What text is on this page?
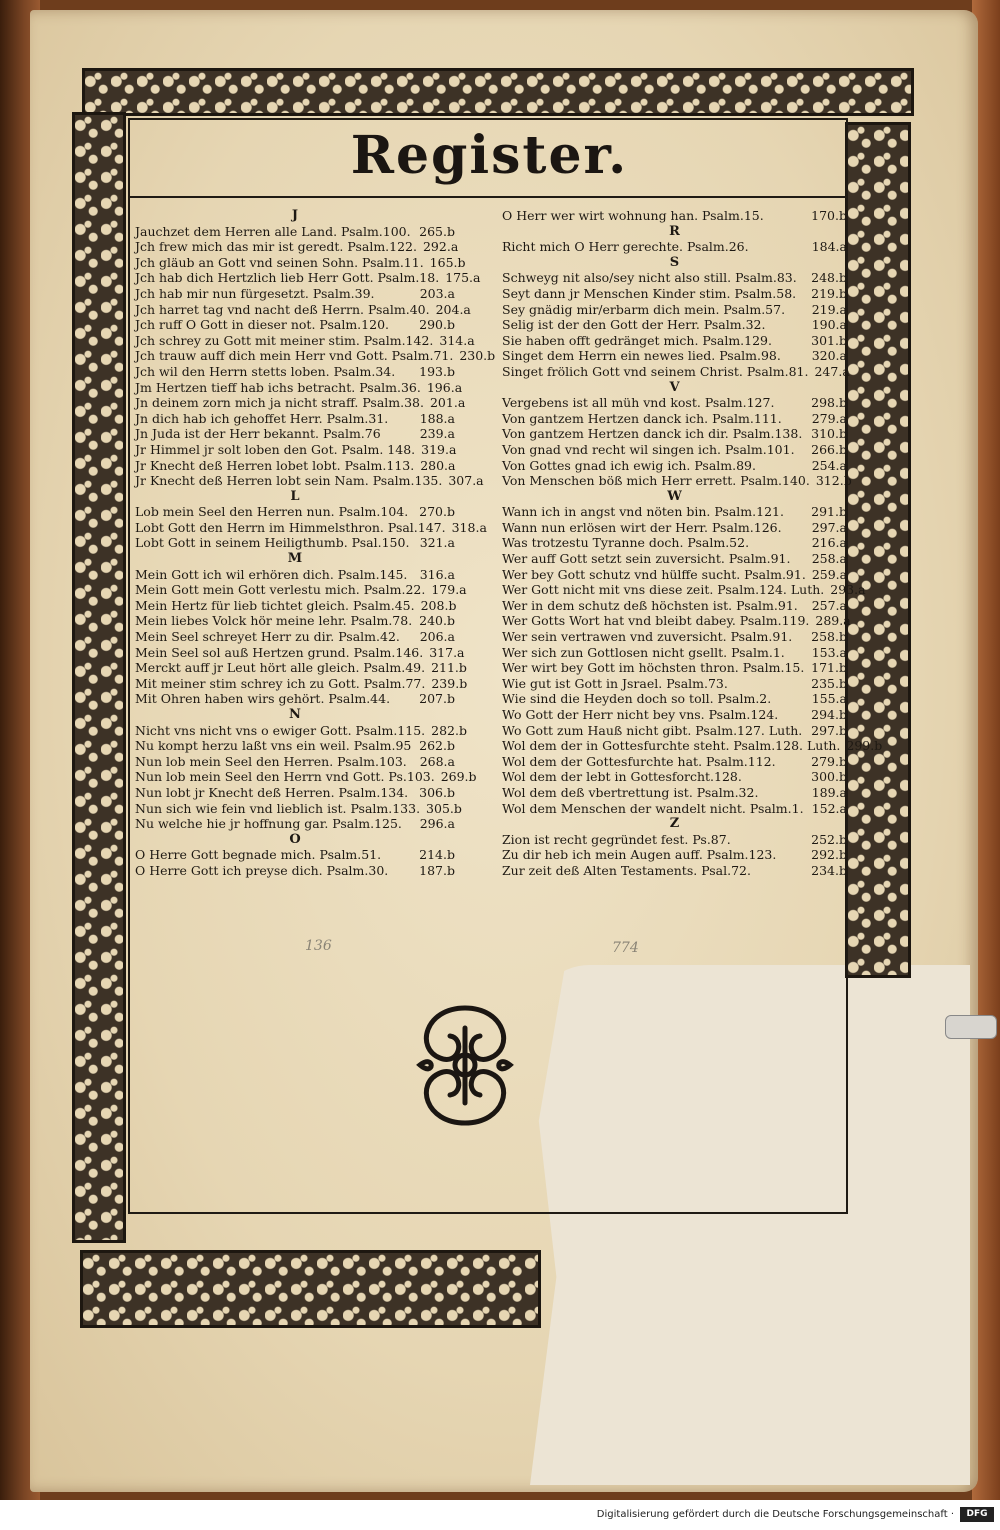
Register.
J
Jauchzet dem Herren alle Land. Psalm.100. 265.b
Jch frew mich das mir ist geredt. Psalm.122. 292.a
Jch gläub an Gott vnd seinen Sohn. Psalm.11. 165.b
Jch hab dich Hertzlich lieb Herr Gott. Psalm.18. 175.a
Jch hab mir nun fürgesetzt. Psalm.39.	203.a
Jch harret tag vnd nacht deß Herrn. Psalm.40. 204.a
Jch ruff O Gott in dieser not. Psalm.120.	290.b
Jch schrey zu Gott mit meiner stim. Psalm.142. 314.a
Jch trauw auff dich mein Herr vnd Gott. Psalm.71. 230.b
Jch wil den Herrn stetts loben. Psalm.34.	193.b
Jm Hertzen tieff hab ichs betracht. Psalm.36. 196.a
Jn deinem zorn mich ja nicht straff. Psalm.38. 201.a
Jn dich hab ich gehoffet Herr. Psalm.31.	188.a
Jn Juda ist der Herr bekannt. Psalm.76	239.a
Jr Himmel jr solt loben den Got. Psalm. 148. 319.a
Jr Knecht deß Herren lobet lobt. Psalm.113. 280.a
Jr Knecht deß Herren lobt sein Nam. Psalm.135. 307.a
L
Lob mein Seel den Herren nun. Psalm.104. 270.b
Lobt Gott den Herrn im Himmelsthron. Psal.147. 318.a
Lobt Gott in seinem Heiligthumb. Psal.150. 321.a
M
Mein Gott ich wil erhören dich. Psalm.145. 316.a
Mein Gott mein Gott verlestu mich. Psalm.22. 179.a
Mein Hertz für lieb tichtet gleich. Psalm.45. 208.b
Mein liebes Volck hör meine lehr. Psalm.78. 240.b
Mein Seel schreyet Herr zu dir. Psalm.42.	206.a
Mein Seel sol auß Hertzen grund. Psalm.146. 317.a
Merckt auff jr Leut hört alle gleich. Psalm.49. 211.b
Mit meiner stim schrey ich zu Gott. Psalm.77. 239.b
Mit Ohren haben wirs gehört. Psalm.44.	207.b
N
Nicht vns nicht vns o ewiger Gott. Psalm.115. 282.b
Nu kompt herzu laßt vns ein weil. Psalm.95 262.b
Nun lob mein Seel den Herren. Psalm.103.	268.a
Nun lob mein Seel den Herrn vnd Gott. Ps.103. 269.b
Nun lobt jr Knecht deß Herren. Psalm.134. 306.b
Nun sich wie fein vnd lieblich ist. Psalm.133. 305.b
Nu welche hie jr hoffnung gar. Psalm.125.	296.a
O
O Herre Gott begnade mich. Psalm.51.	214.b
O Herre Gott ich preyse dich. Psalm.30.	187.b
O Herr wer wirt wohnung han. Psalm.15.	170.b
R
Richt mich O Herr gerechte. Psalm.26.	184.a
S
Schweyg nit also/sey nicht also still. Psalm.83.	248.b
Seyt dann jr Menschen Kinder stim. Psalm.58.	219.b
Sey gnädig mir/erbarm dich mein. Psalm.57.	219.a
Selig ist der den Gott der Herr. Psalm.32.	190.a
Sie haben offt gedränget mich. Psalm.129.	301.b
Singet dem Herrn ein newes lied. Psalm.98.	320.a
Singet frölich Gott vnd seinem Christ. Psalm.81. 247.a
V
Vergebens ist all müh vnd kost. Psalm.127.	298.b
Von gantzem Hertzen danck ich. Psalm.111.	279.a
Von gantzem Hertzen danck ich dir. Psalm.138. 310.b
Von gnad vnd recht wil singen ich. Psalm.101.	266.b
Von Gottes gnad ich ewig ich. Psalm.89.	254.a
Von Menschen böß mich Herr errett. Psalm.140. 312.b
W
Wann ich in angst vnd nöten bin. Psalm.121.	291.b
Wann nun erlösen wirt der Herr. Psalm.126.	297.a
Was trotzestu Tyranne doch. Psalm.52.	216.a
Wer auff Gott setzt sein zuversicht. Psalm.91.	258.a
Wer bey Gott schutz vnd hülffe sucht. Psalm.91. 259.a
Wer Gott nicht mit vns diese zeit. Psalm.124. Luth. 293.a
Wer in dem schutz deß höchsten ist. Psalm.91.	257.a
Wer Gotts Wort hat vnd bleibt dabey. Psalm.119. 289.a
Wer sein vertrawen vnd zuversicht. Psalm.91.	258.b
Wer sich zun Gottlosen nicht gsellt. Psalm.1.	153.a
Wer wirt bey Gott im höchsten thron. Psalm.15. 171.b
Wie gut ist Gott in Jsrael. Psalm.73.	235.b
Wie sind die Heyden doch so toll. Psalm.2.	155.a
Wo Gott der Herr nicht bey vns. Psalm.124.	294.b
Wo Gott zum Hauß nicht gibt. Psalm.127. Luth. 297.b
Wol dem der in Gottesfurchte steht. Psalm.128. Luth. 299.b
Wol dem der Gottesfurchte hat. Psalm.112.	279.b
Wol dem der lebt in Gottesforcht.128.	300.b
Wol dem deß vbertrettung ist. Psalm.32.	189.a
Wol dem Menschen der wandelt nicht. Psalm.1. 152.a
Z
Zion ist recht gegründet fest. Ps.87.	252.b
Zu dir heb ich mein Augen auff. Psalm.123.	292.b
Zur zeit deß Alten Testaments. Psal.72.	234.b
136	774
Digitalisierung gefördert durch die Deutsche Forschungsgemeinschaft ·	DFG
